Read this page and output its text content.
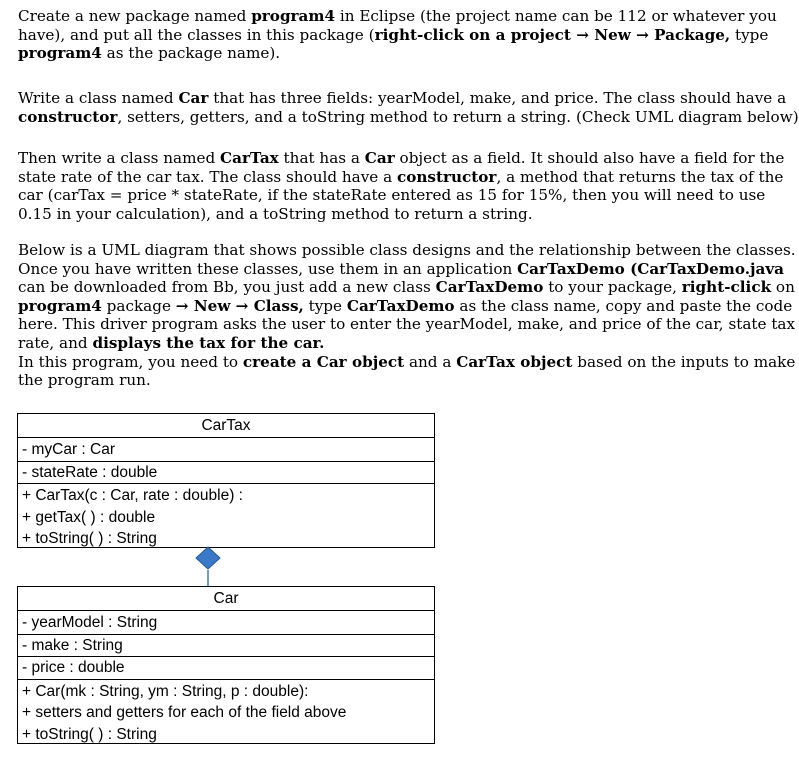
Create a new package named program4 in Eclipse (the project name can be 112 or whatever you
have), and put all the classes in this package (right-click on a project → New → Package, type
program4 as the package name).
Write a class named Car that has three fields: yearModel, make, and price. The class should have a
constructor, setters, getters, and a toString method to return a string. (Check UML diagram below)
Then write a class named CarTax that has a Car object as a field. It should also have a field for the
state rate of the car tax. The class should have a constructor, a method that returns the tax of the
car (carTax = price * stateRate, if the stateRate entered as 15 for 15%, then you will need to use
0.15 in your calculation), and a toString method to return a string.
Below is a UML diagram that shows possible class designs and the relationship between the classes.
Once you have written these classes, use them in an application CarTaxDemo (CarTaxDemo.java
can be downloaded from Bb, you just add a new class CarTaxDemo to your package, right-click on
program4 package → New → Class, type CarTaxDemo as the class name, copy and paste the code
here. This driver program asks the user to enter the yearModel, make, and price of the car, state tax
rate, and displays the tax for the car.
In this program, you need to create a Car object and a CarTax object based on the inputs to make
the program run.
CarTax
- myCar : Car
- stateRate : double
+ CarTax(c : Car, rate : double) :
+ getTax( ) : double
+ toString( ) : String
Car
- yearModel : String
- make : String
- price : double
+ Car(mk : String, ym : String, p : double):
+ setters and getters for each of the field above
+ toString( ) : String
